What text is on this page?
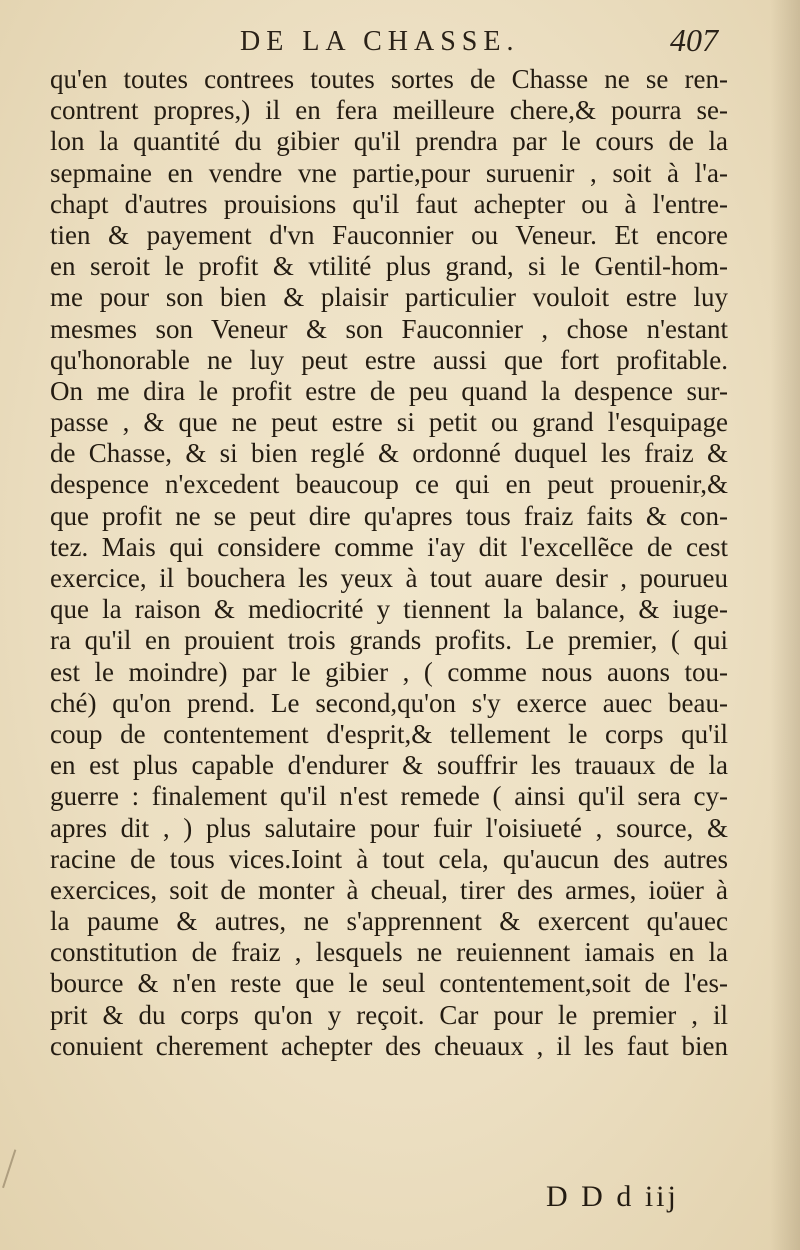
DE LA CHASSE.	407
qu'en toutes contrees toutes sortes de Chasse ne se ren-
contrent propres,) il en fera meilleure chere,& pourra se-
lon la quantité du gibier qu'il prendra par le cours de la
sepmaine en vendre vne partie,pour suruenir , soit à l'a-
chapt d'autres prouisions qu'il faut achepter ou à l'entre-
tien & payement d'vn Fauconnier ou Veneur. Et encore
en seroit le profit & vtilité plus grand, si le Gentil-hom-
me pour son bien & plaisir particulier vouloit estre luy
mesmes son Veneur & son Fauconnier , chose n'estant
qu'honorable ne luy peut estre aussi que fort profitable.
On me dira le profit estre de peu quand la despence sur-
passe , & que ne peut estre si petit ou grand l'esquipage
de Chasse, & si bien reglé & ordonné duquel les fraiz &
despence n'excedent beaucoup ce qui en peut prouenir,&
que profit ne se peut dire qu'apres tous fraiz faits & con-
tez. Mais qui considere comme i'ay dit l'excellẽce de cest
exercice, il bouchera les yeux à tout auare desir , pourueu
que la raison & mediocrité y tiennent la balance, & iuge-
ra qu'il en prouient trois grands profits. Le premier, ( qui
est le moindre) par le gibier , ( comme nous auons tou-
ché) qu'on prend. Le second,qu'on s'y exerce auec beau-
coup de contentement d'esprit,& tellement le corps qu'il
en est plus capable d'endurer & souffrir les trauaux de la
guerre : finalement qu'il n'est remede ( ainsi qu'il sera cy-
apres dit , ) plus salutaire pour fuir l'oisiueté , source, &
racine de tous vices.Ioint à tout cela, qu'aucun des autres
exercices, soit de monter à cheual, tirer des armes, ioüer à
la paume & autres, ne s'apprennent & exercent qu'auec
constitution de fraiz , lesquels ne reuiennent iamais en la
bource & n'en reste que le seul contentement,soit de l'es-
prit & du corps qu'on y reçoit. Car pour le premier , il
conuient cherement achepter des cheuaux , il les faut bien
D D d iij
